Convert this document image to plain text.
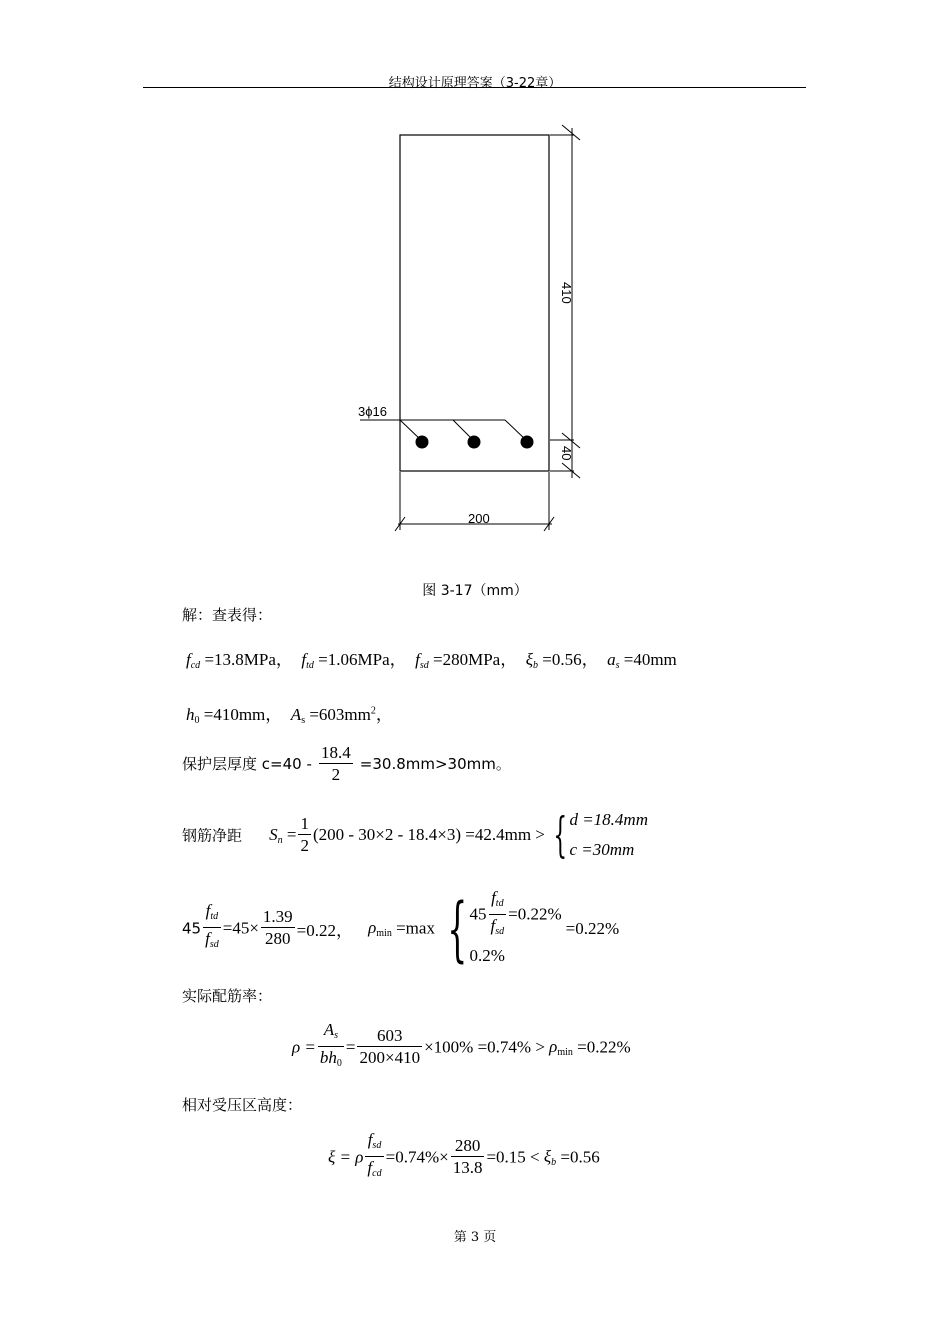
结构设计原理答案（3-22章）
410
40
200
3ϕ16
图 3-17（mm）
解：查表得：
$f_{cd} =13.8MPa$， $f_{td} =1.06MPa$， $f_{sd} =280MPa$， $\xi_b =0.56$， $a_s =40mm$
$h_0 =410mm$， $A_s =603mm^2$，
保护层厚度 $c=40 - \frac{18.4}{2} =30.8mm>30mm$。
钢筋净距 $S_n = \frac{1}{2} (200 - 30\times 2 - 18.4\times 3) =42.4mm$ > { d =18.4mm
c =30mm
$45 \frac{f_{td}}{f_{sd}} =45\times \frac{1.39}{280} =0.22$， $\rho_{min} =\max$ { $45 \frac{f_{td}}{f_{sd}} =0.22\%$
0.2%
=0.22%
实际配筋率：
$\rho = \frac{A_s}{bh_0} = \frac{603}{200\times 410} \times 100\% =0.74\% > \rho_{min} =0.22\%$
相对受压区高度：
ξ = ρ $\frac{f_{sd}}{f_{cd}} =0.74\%\times \frac{280}{13.8} =0.15 < \xi_b =0.56$
第 3 页
